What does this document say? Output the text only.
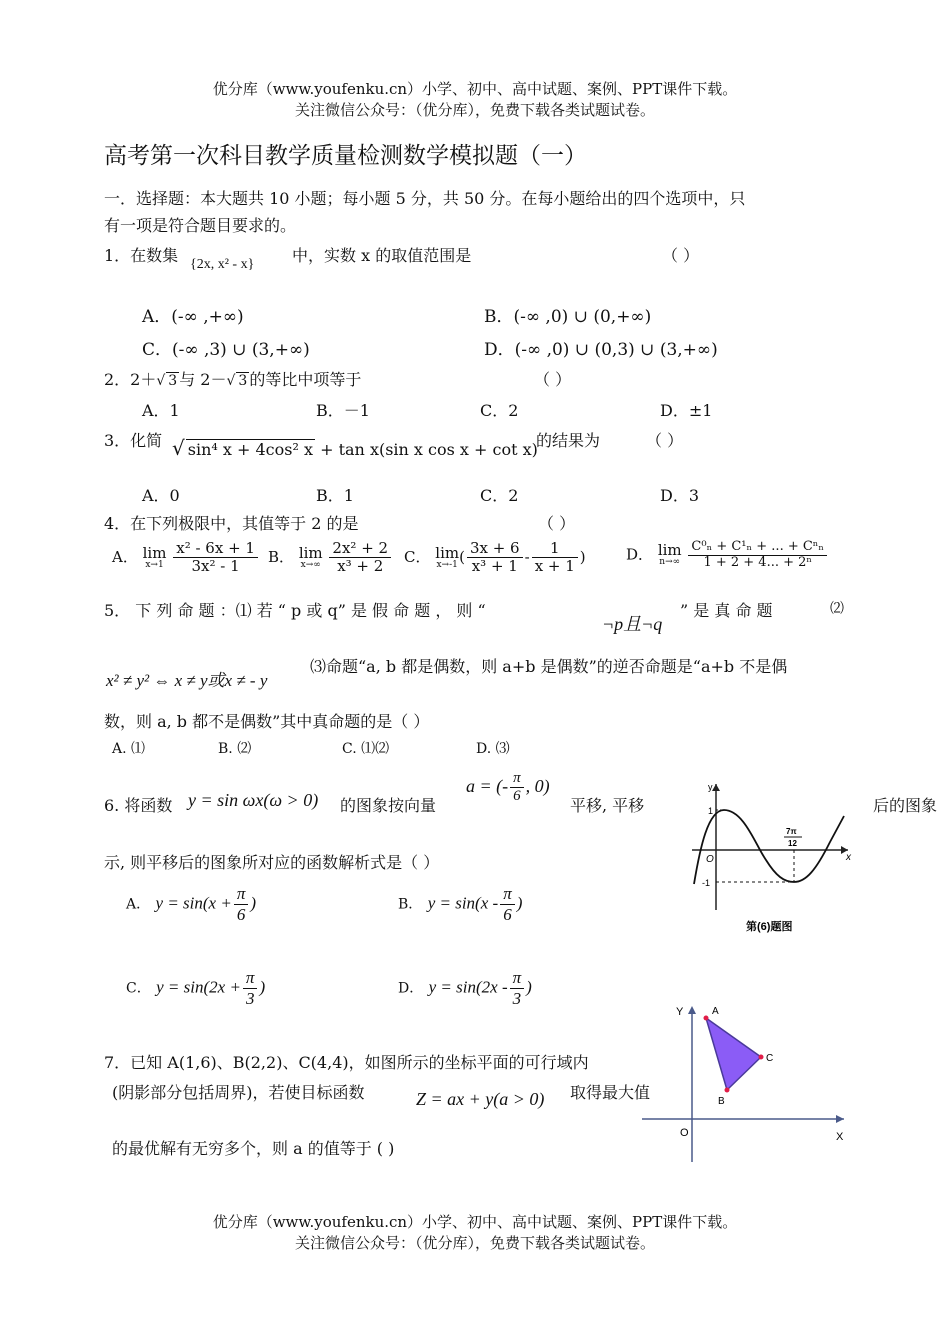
优分库（www.youfenku.cn）小学、初中、高中试题、案例、PPT课件下载。
关注微信公众号：（优分库），免费下载各类试题试卷。
高考第一次科目教学质量检测数学模拟题（一）
一．选择题：本大题共 10 小题；每小题 5 分，共 50 分。在每小题给出的四个选项中，只
有一项是符合题目要求的。
1．在数集 {2x, x² - x} 中，实数 x 的取值范围是	（ ）
A．(-∞ ,+∞)	B．(-∞ ,0) ∪ (0,+∞)
C．(-∞ ,3) ∪ (3,+∞)	D．(-∞ ,0) ∪ (0,3) ∪ (3,+∞)
2．2＋√ 3 与 2－√ 3 的等比中项等于	（ ）
A．1	B．－1	C．2	D．±1
3．化简 √ sin⁴ x + 4cos² x + tan x(sin x cos x + cot x)
的结果为	（ ）
A．0	B．1	C．2	D．3
4．在下列极限中，其值等于 2 的是	（ ）
A． lim
x→1
$\frac{\text{x² - 6x + 1}}{\text{3x² - 1}}$ B． lim
x→∞
$\frac{\text{2x² + 2}}{\text{x³ + 2}}$ C． lim
x→-1 ( $\frac{3x + 6}{\text{x³ + 1}} - \frac{1}{x + 1}$ )	D． lim
n→∞
$\frac{\text{C⁰ₙ + C¹ₙ + ... + Cⁿₙ}}{\text{1 + 2 + 4... + 2ⁿ}}$
5． 下 列 命 题 ：⑴ 若 “ p 或 q” 是 假 命 题 ， 则 “
¬p且¬q
” 是 真 命 题	⑵
x² ≠ y² ⇔ x ≠ y或x ≠ - y
⑶命题“a, b 都是偶数，则 a+b 是偶数”的逆否命题是“a+b 不是偶
数，则 a, b 都不是偶数”其中真命题的是（ ）
A. ⑴	B. ⑵	C. ⑴⑵	D. ⑶
6. 将函数 y = sin ωx(ω > 0) 的图象按向量
a = (- $\frac{\pi}{6}$ , 0)
平移, 平移	后的图象
示, 则平移后的图象所对应的函数解析式是（ ）
A． $y = \sin(x + \frac{\pi}{6}$ )	B． $y = \sin(x - \frac{\pi}{6}$ )
C． $y = \sin(2x + \frac{\pi}{3}$ )	D． $y = \sin(2x - \frac{\pi}{3}$ )
y
x
O
1
-1
7π
12
第(6)题图
7．已知 A(1,6)、B(2,2)、C(4,4)，如图所示的坐标平面的可行域内
(阴影部分包括周界)，若使目标函数	Z = ax + y(a > 0) 取得最大值
的最优解有无穷多个，则 a 的值等于 ( )
Y
X
O
A
B
C
优分库（www.youfenku.cn）小学、初中、高中试题、案例、PPT课件下载。
关注微信公众号：（优分库），免费下载各类试题试卷。
